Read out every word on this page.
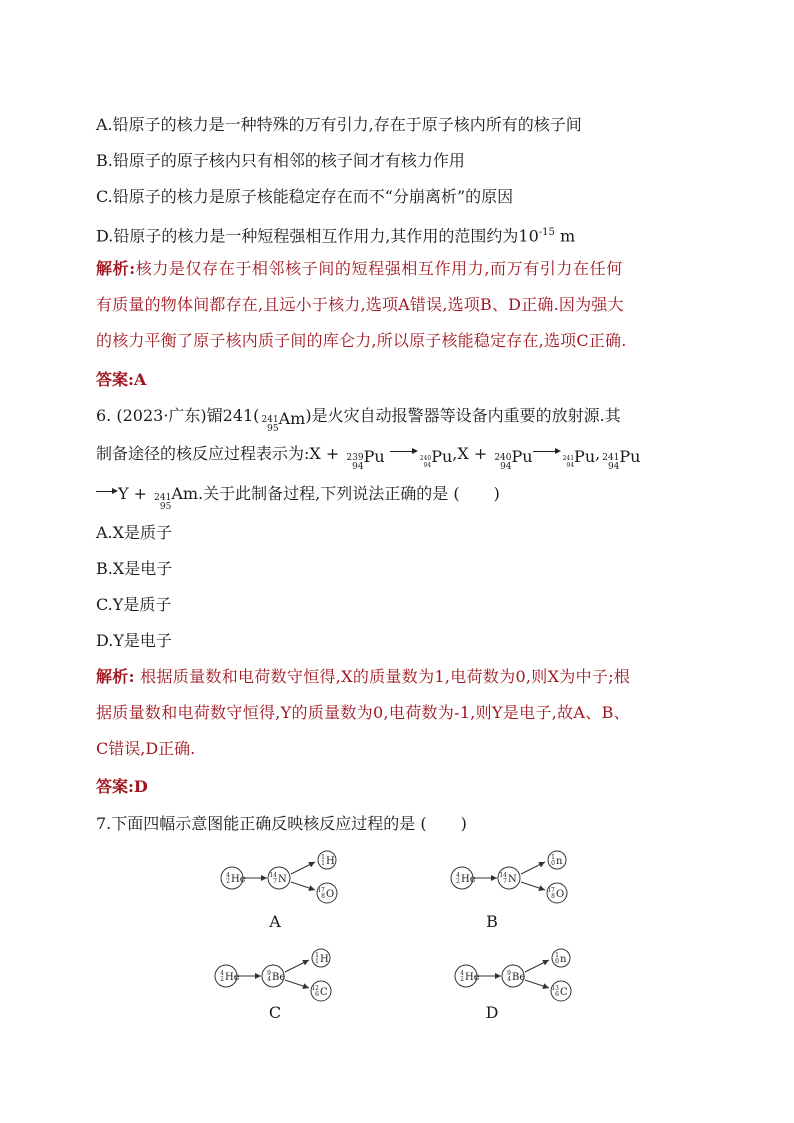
A.铅原子的核力是一种特殊的万有引力,存在于原子核内所有的核子间
B.铅原子的原子核内只有相邻的核子间才有核力作用
C.铅原子的核力是原子核能稳定存在而不“分崩离析”的原因
D.铅原子的核力是一种短程强相互作用力,其作用的范围约为$10^{-15}$ m
解析:核力是仅存在于相邻核子间的短程强相互作用力,而万有引力在任何
有质量的物体间都存在,且远小于核力,选项A错误,选项B、D正确.因为强大
的核力平衡了原子核内质子间的库仑力,所以原子核能稳定存在,选项C正确.
答案:A
6. (2023·广东)镅241( 241
95
Am)是火灾自动报警器等设备内重要的放射源.其
制备途径的核反应过程表示为:X + 239
94
Pu	240
94 Pu,X + 240
94
Pu	241
94 Pu, 241
94
Pu
Y + 241
95
Am.关于此制备过程,下列说法正确的是 ( )
A.X是质子
B.X是电子
C.Y是质子
D.Y是电子
解析: 根据质量数和电荷数守恒得,X的质量数为1,电荷数为0,则X为中子;根
据质量数和电荷数守恒得,Y的质量数为0,电荷数为-1,则Y是电子,故A、B、
C错误,D正确.
答案:D
7.下面四幅示意图能正确反映核反应过程的是 ( )
4
2 He	14
7 N
1
1 H
17
8 O
A
4
2 He	14
7 N
1
0 n
17
8 O
B
4
2 He	9
4 Be
1
1 H
12
6 C
C
4
2 He	9
4 Be
1
0 n
13
6 C
D
